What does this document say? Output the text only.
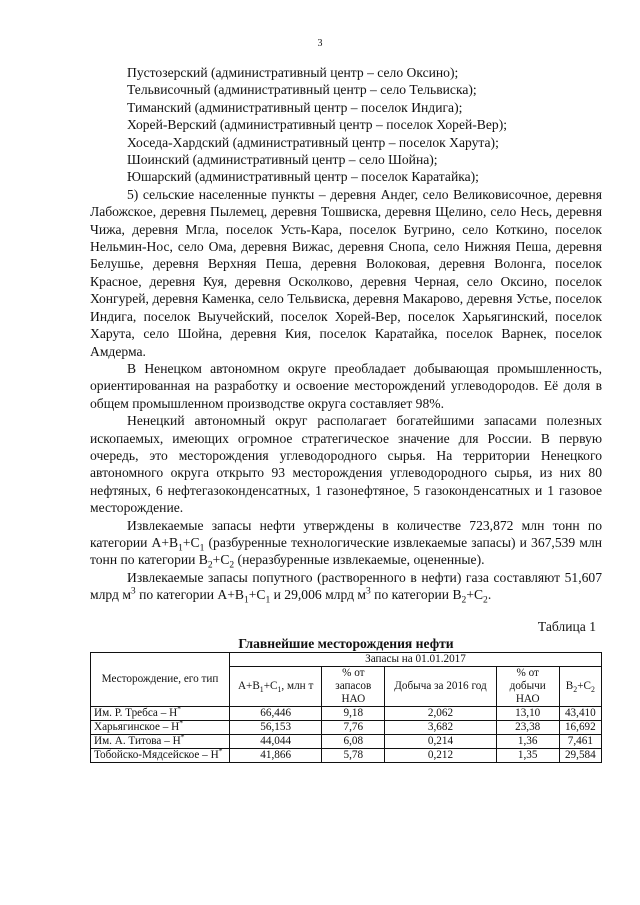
3

Пустозерский (административный центр – село Оксино);

Тельвисочный (административный центр – село Тельвиска);

Тиманский (административный центр – поселок Индига);

Хорей-Верский (административный центр – поселок Хорей-Вер);

Хоседа-Хардский (административный центр – поселок Харута);

Шоинский (административный центр – село Шойна);

Юшарский (административный центр – поселок Каратайка);

5) сельские населенные пункты – деревня Андег, село Великовисочное, деревня Лабожское, деревня Пылемец, деревня Тошвиска, деревня Щелино, село Несь, деревня Чижа, деревня Мгла, поселок Усть-Кара, поселок Бугрино, село Коткино, поселок Нельмин-Нос, село Ома, деревня Вижас, деревня Снопа, село Нижняя Пеша, деревня Белушье, деревня Верхняя Пеша, деревня Волоковая, деревня Волонга, поселок Красное, деревня Куя, деревня Осколково, деревня Черная, село Оксино, поселок Хонгурей, деревня Каменка, село Тельвиска, деревня Макарово, деревня Устье, поселок Индига, поселок Выучейский, поселок Хорей-Вер, поселок Харьягинский, поселок Харута, село Шойна, деревня Кия, поселок Каратайка, поселок Варнек, поселок Амдерма.

В Ненецком автономном округе преобладает добывающая промышленность, ориентированная на разработку и освоение месторождений углеводородов. Её доля в общем промышленном производстве округа составляет 98%.

Ненецкий автономный округ располагает богатейшими запасами полезных ископаемых, имеющих огромное стратегическое значение для России. В первую очередь, это месторождения углеводородного сырья. На территории Ненецкого автономного округа открыто 93 месторождения углеводородного сырья, из них 80 нефтяных, 6 нефтегазоконденсатных, 1 газонефтяное, 5 газоконденсатных и 1 газовое месторождение.

Извлекаемые запасы нефти утверждены в количестве 723,872 млн тонн по категории $А+В_1+С_1$ (разбуренные технологические извлекаемые запасы) и 367,539 млн тонн по категории $В_2+С_2$ (неразбуренные извлекаемые, оцененные).

Извлекаемые запасы попутного (растворенного в нефти) газа составляют 51,607 млрд $м^3$ по категории $А+В_1+С_1$ и 29,006 млрд $м^3$ по категории $В_2+С_2$.

Таблица 1

Главнейшие месторождения нефти

Месторождение, его тип	Запасы на 01.01.2017				
	$А+В_1+С_1$, млн т	% от запасов НАО	Добыча за 2016 год	% от добычи НАО	$В_2+С_2$
Им. Р. Требса – Н*	66,446	9,18	2,062	13,10	43,410
Харьягинское – Н*	56,153	7,76	3,682	23,38	16,692
Им. А. Титова – Н*	44,044	6,08	0,214	1,36	7,461
Тобойско-Мядсейское – Н*	41,866	5,78	0,212	1,35	29,584
